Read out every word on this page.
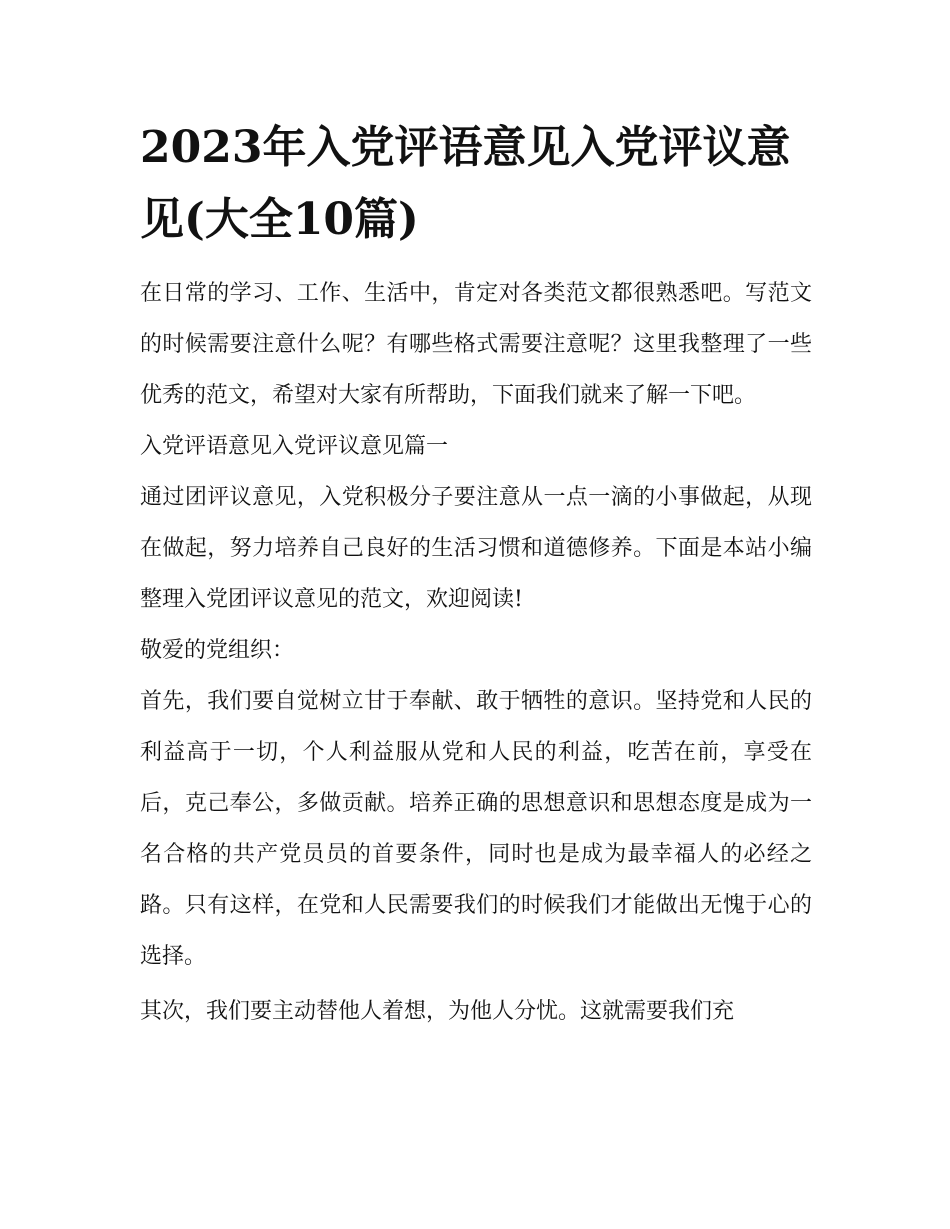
2023年入党评语意见入党评议意见(大全10篇)

在日常的学习、工作、生活中，肯定对各类范文都很熟悉吧。写范文的时候需要注意什么呢？有哪些格式需要注意呢？这里我整理了一些优秀的范文，希望对大家有所帮助，下面我们就来了解一下吧。

入党评语意见入党评议意见篇一

通过团评议意见，入党积极分子要注意从一点一滴的小事做起，从现在做起，努力培养自己良好的生活习惯和道德修养。下面是本站小编整理入党团评议意见的范文，欢迎阅读!

敬爱的党组织：

首先，我们要自觉树立甘于奉献、敢于牺牲的意识。坚持党和人民的利益高于一切，个人利益服从党和人民的利益，吃苦在前，享受在后，克己奉公，多做贡献。培养正确的思想意识和思想态度是成为一名合格的共产党员员的首要条件，同时也是成为最幸福人的必经之路。只有这样，在党和人民需要我们的时候我们才能做出无愧于心的选择。

其次，我们要主动替他人着想，为他人分忧。这就需要我们充
